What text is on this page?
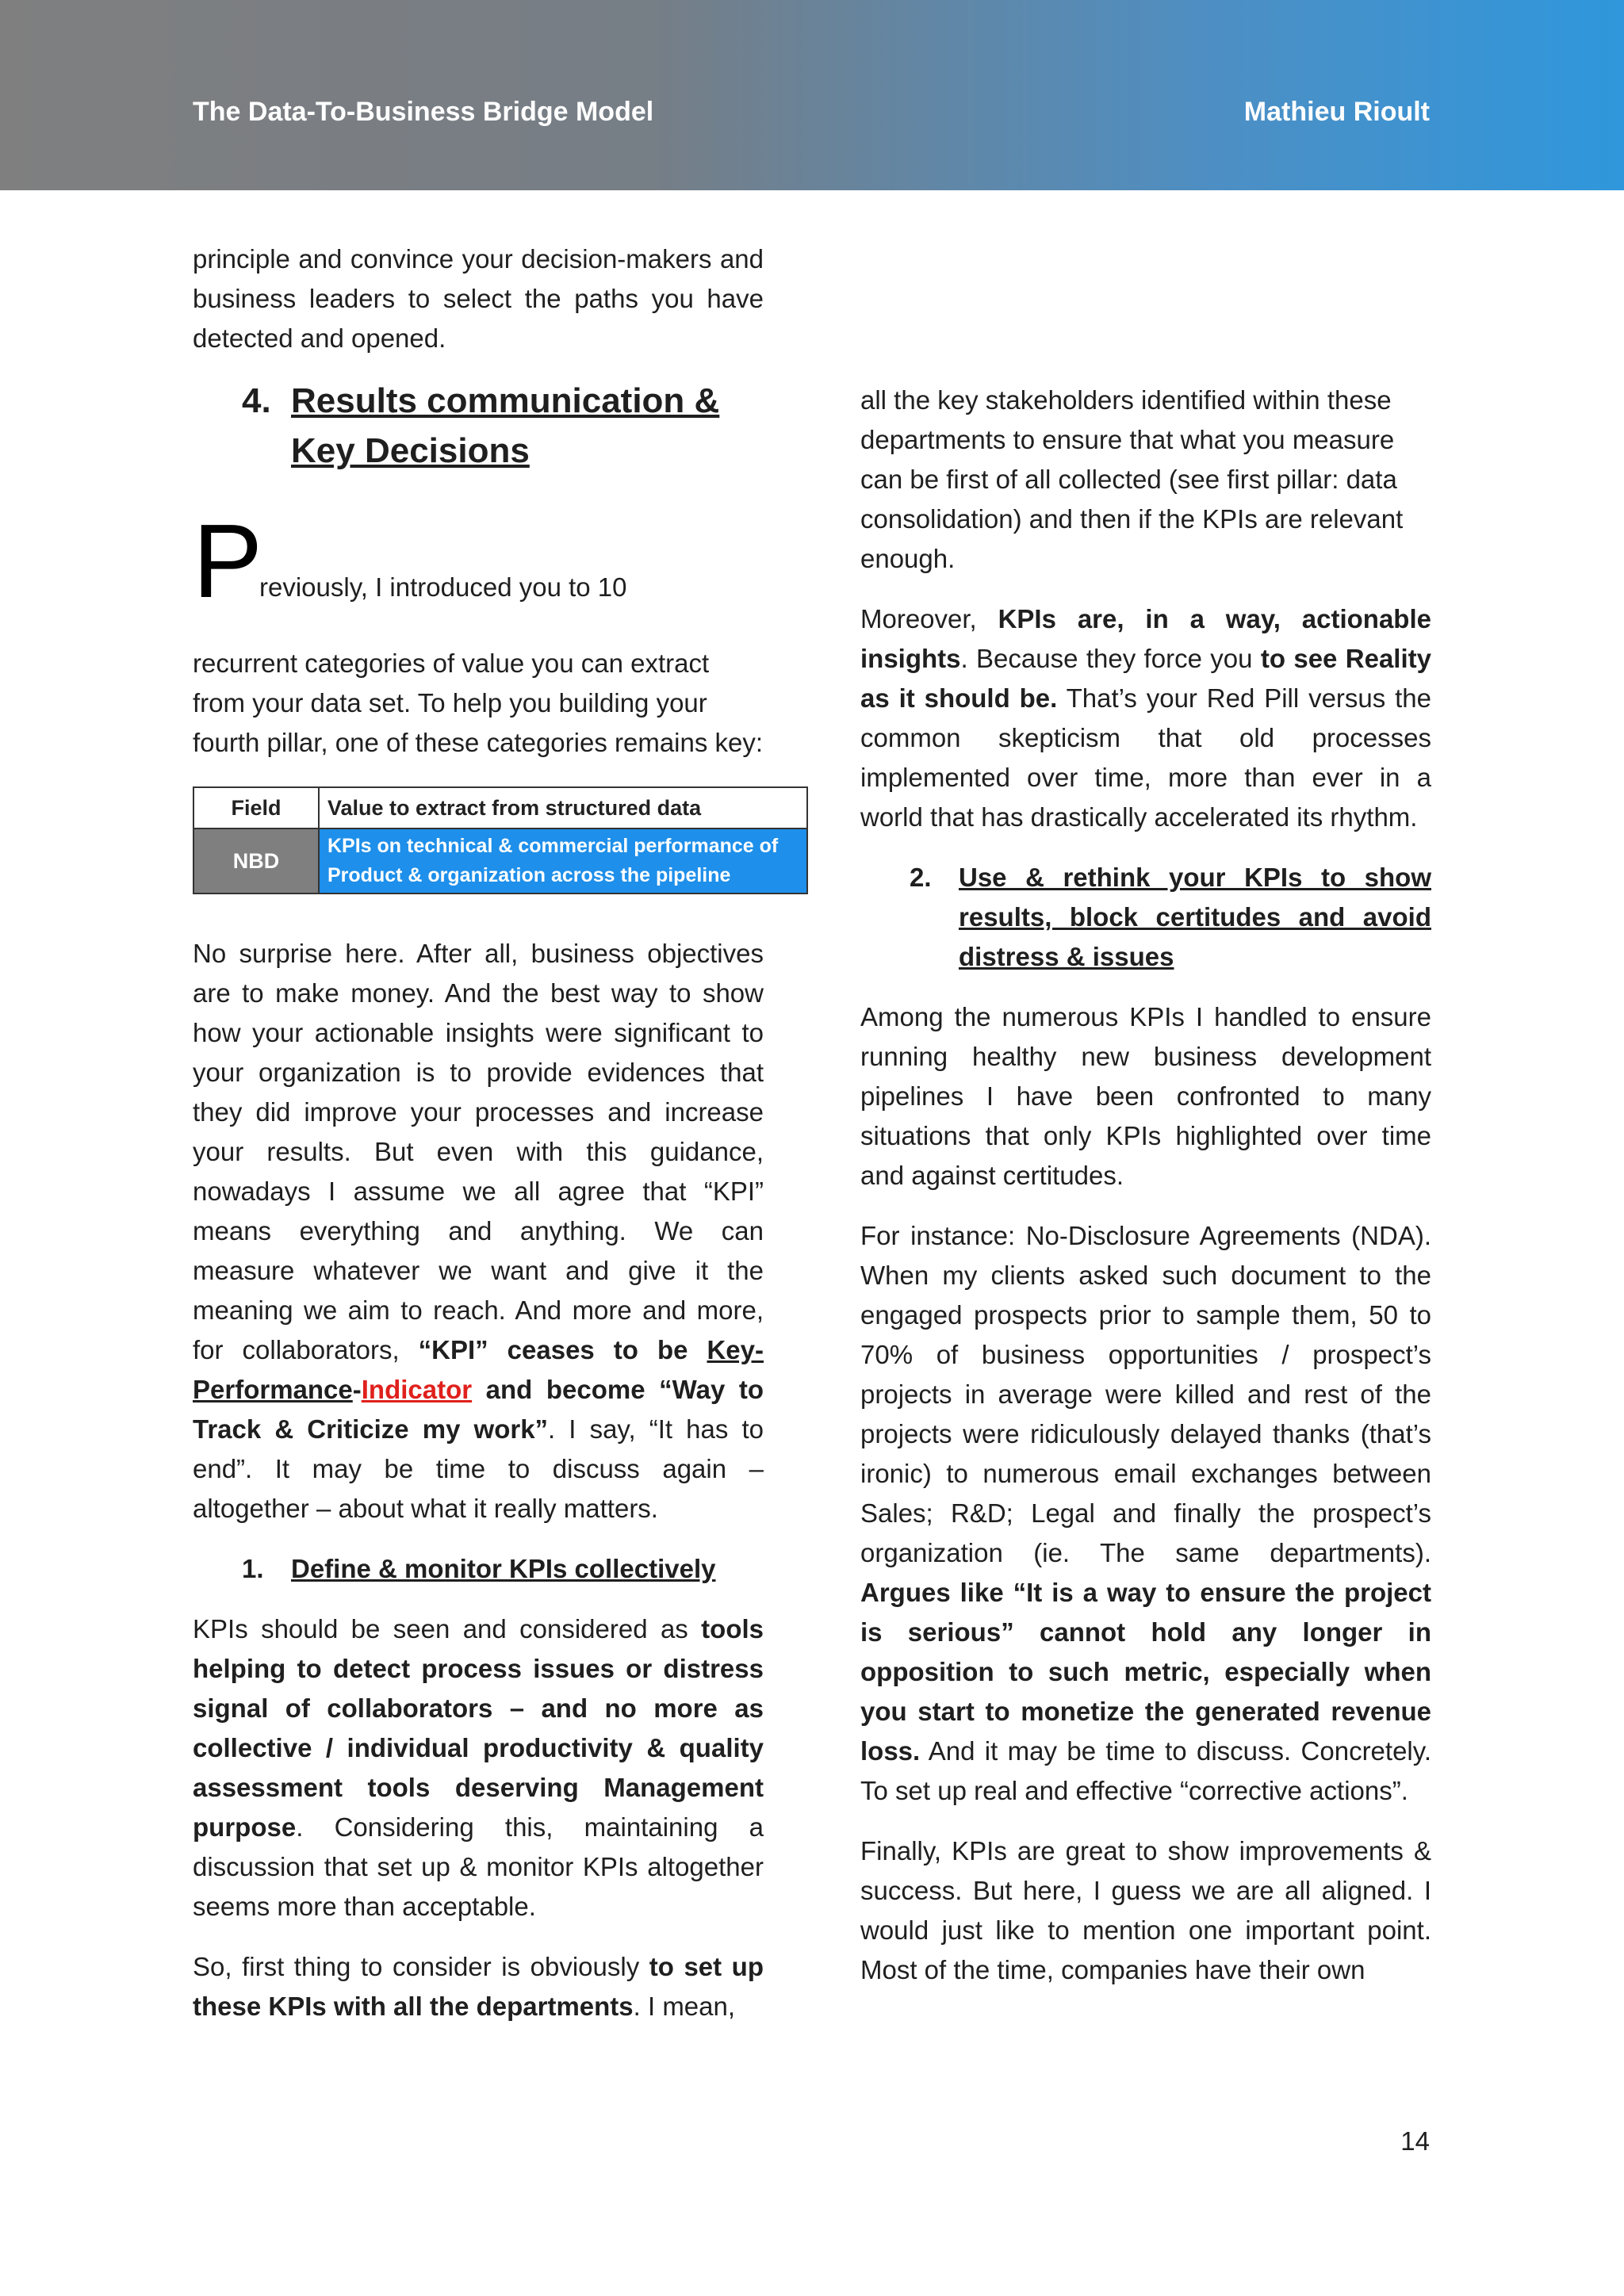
The Data-To-Business Bridge Model	Mathieu Rioult

principle and convince your decision-makers and business leaders to select the paths you have detected and opened.

4. Results communication &
Key Decisions
P
reviously, I introduced you to 10

recurrent categories of value you can extract from your data set. To help you building your fourth pillar, one of these categories remains key:

Field	Value to extract from structured data
NBD	KPIs on technical & commercial performance of
Product & organization across the pipeline

No surprise here. After all, business objectives are to make money. And the best way to show how your actionable insights were significant to your organization is to provide evidences that they did improve your processes and increase your results. But even with this guidance, nowadays I assume we all agree that “KPI” means everything and anything. We can measure whatever we want and give it the meaning we aim to reach. And more and more, for collaborators, “KPI” ceases to be Key-Performance-Indicator and become “Way to Track & Criticize my work”. I say, “It has to end”. It may be time to discuss again – altogether – about what it really matters.

1.	Define & monitor KPIs collectively

KPIs should be seen and considered as tools helping to detect process issues or distress signal of collaborators – and no more as collective / individual productivity & quality assessment tools deserving Management purpose. Considering this, maintaining a discussion that set up & monitor KPIs altogether seems more than acceptable.

So, first thing to consider is obviously to set up these KPIs with all the departments. I mean,

all the key stakeholders identified within these departments to ensure that what you measure can be first of all collected (see first pillar: data consolidation) and then if the KPIs are relevant enough.

Moreover, KPIs are, in a way, actionable insights. Because they force you to see Reality as it should be. That’s your Red Pill versus the common skepticism that old processes implemented over time, more than ever in a world that has drastically accelerated its rhythm.

2.	Use & rethink your KPIs to show results, block certitudes and avoid distress & issues

Among the numerous KPIs I handled to ensure running healthy new business development pipelines I have been confronted to many situations that only KPIs highlighted over time and against certitudes.

For instance: No-Disclosure Agreements (NDA). When my clients asked such document to the engaged prospects prior to sample them, 50 to 70% of business opportunities / prospect’s projects in average were killed and rest of the projects were ridiculously delayed thanks (that’s ironic) to numerous email exchanges between Sales; R&D; Legal and finally the prospect’s organization (ie. The same departments). Argues like “It is a way to ensure the project is serious” cannot hold any longer in opposition to such metric, especially when you start to monetize the generated revenue loss. And it may be time to discuss. Concretely. To set up real and effective “corrective actions”.

Finally, KPIs are great to show improvements & success. But here, I guess we are all aligned. I would just like to mention one important point. Most of the time, companies have their own

14
